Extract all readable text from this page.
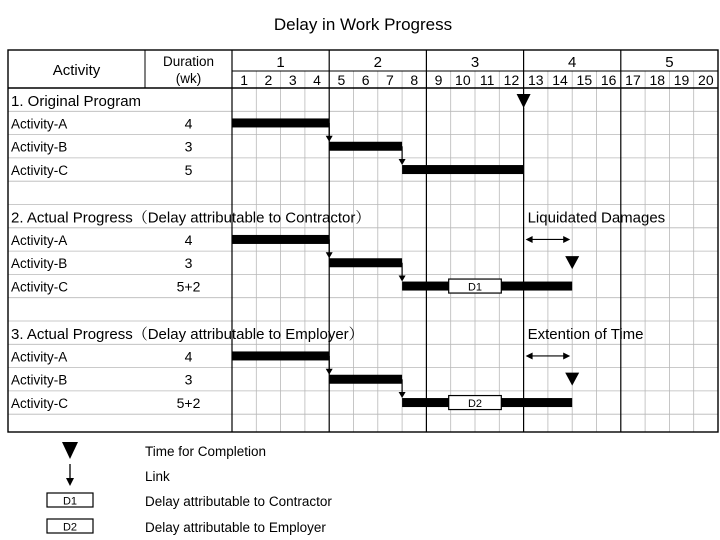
Delay in Work Progress
Activity
Duration
(wk)
1	2	3	4	5
1 2 3 4 5 6 7 8 9 10 11 12 13 14 15 16 17 18 19 20
1. Original Program
Activity-A	4
Activity-B	3
Activity-C	5
2. Actual Progress（Delay attributable to Contractor）
Activity-A	4
Activity-B	3
Activity-C	5+2
Liquidated Damages
3. Actual Progress（Delay attributable to Employer）
Activity-A	4
Activity-B	3
Activity-C	5+2
Extention of Time
D1
D2
Time for Completion
Link
D1	Delay attributable to Contractor
D2	Delay attributable to Employer
